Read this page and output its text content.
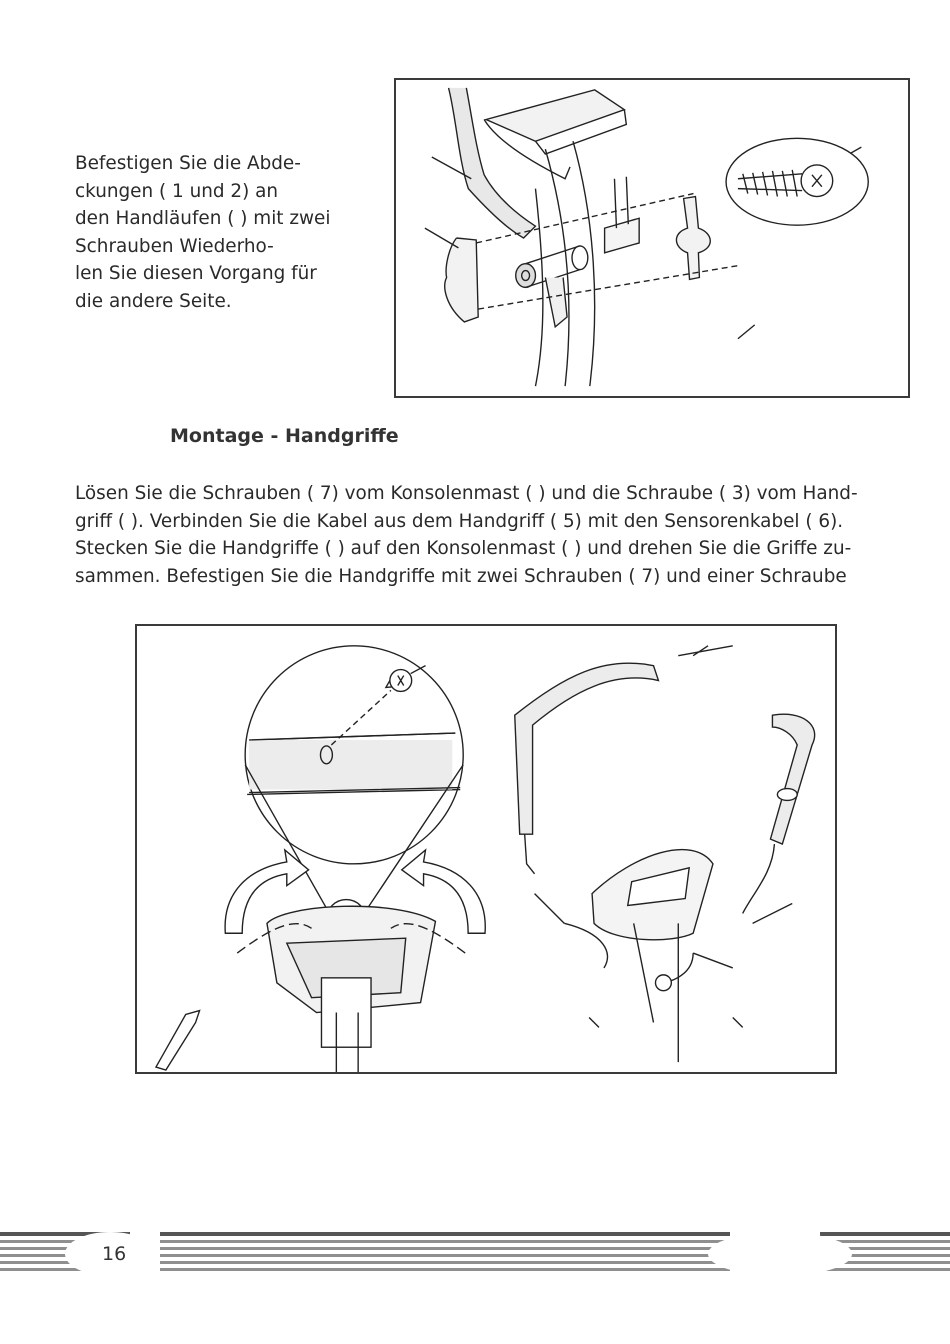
Befestigen Sie die Abde-
ckungen ( 1 und 2) an
den Handläufen ( ) mit zwei
Schrauben Wiederho-
len Sie diesen Vorgang für
die andere Seite.

Montage - Handgriffe

Lösen Sie die Schrauben ( 7) vom Konsolenmast ( ) und die Schraube ( 3) vom Hand-
griff ( ). Verbinden Sie die Kabel aus dem Handgriff ( 5) mit den Sensorenkabel ( 6).
Stecken Sie die Handgriffe ( ) auf den Konsolenmast ( ) und drehen Sie die Griffe zu-
sammen. Befestigen Sie die Handgriffe mit zwei Schrauben ( 7) und einer Schraube

16
